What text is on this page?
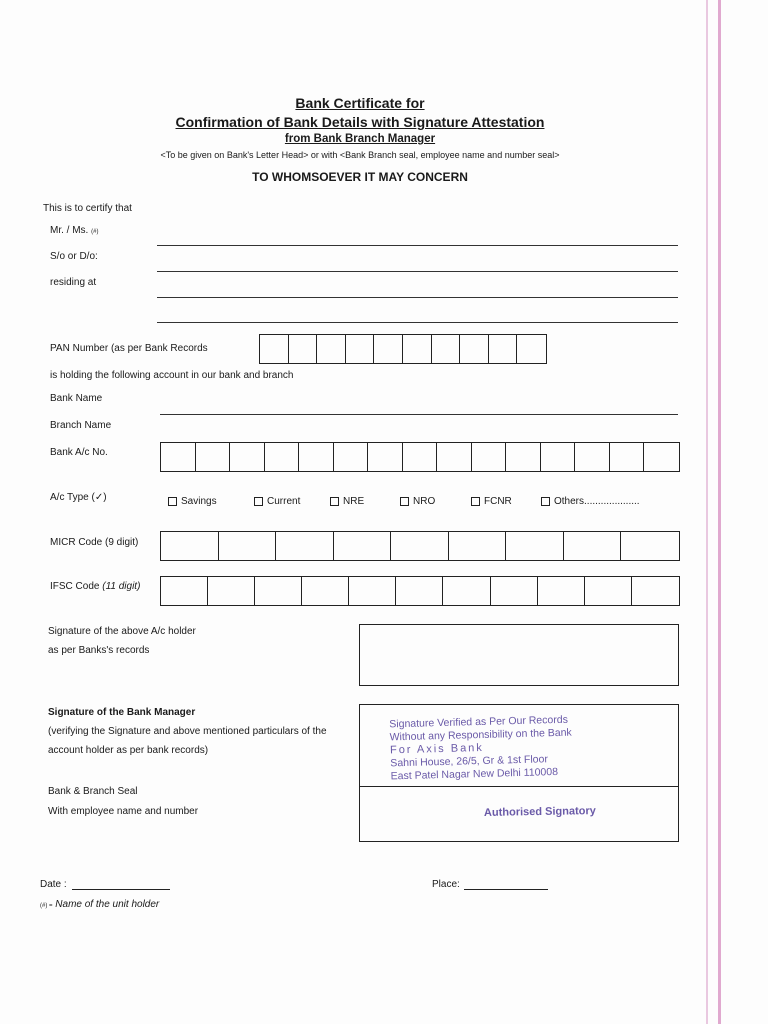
Bank Certificate for
Confirmation of Bank Details with Signature Attestation
from Bank Branch Manager
<To be given on Bank's Letter Head> or with <Bank Branch seal, employee name and number seal>
TO WHOMSOEVER IT MAY CONCERN
This is to certify that
Mr. / Ms. (#)
S/o or D/o:
residing at
PAN Number (as per Bank Records
is holding the following account in our bank and branch
Bank Name
Branch Name
Bank A/c No.
A/c Type (✓)	Savings	Current	NRE	NRO	FCNR	Others....................
MICR Code (9 digit)
IFSC Code (11 digit)
Signature of the above A/c holder
as per Banks's records
Signature of the Bank Manager
(verifying the Signature and above mentioned particulars of the
account holder as per bank records)
Bank & Branch Seal
With employee name and number
Signature Verified as Per Our Records
Without any Responsibility on the Bank
For Axis Bank
Sahni House, 26/5, Gr & 1st Floor
East Patel Nagar New Delhi 110008
Authorised Signatory
Date :	Place:
(#) = Name of the unit holder
